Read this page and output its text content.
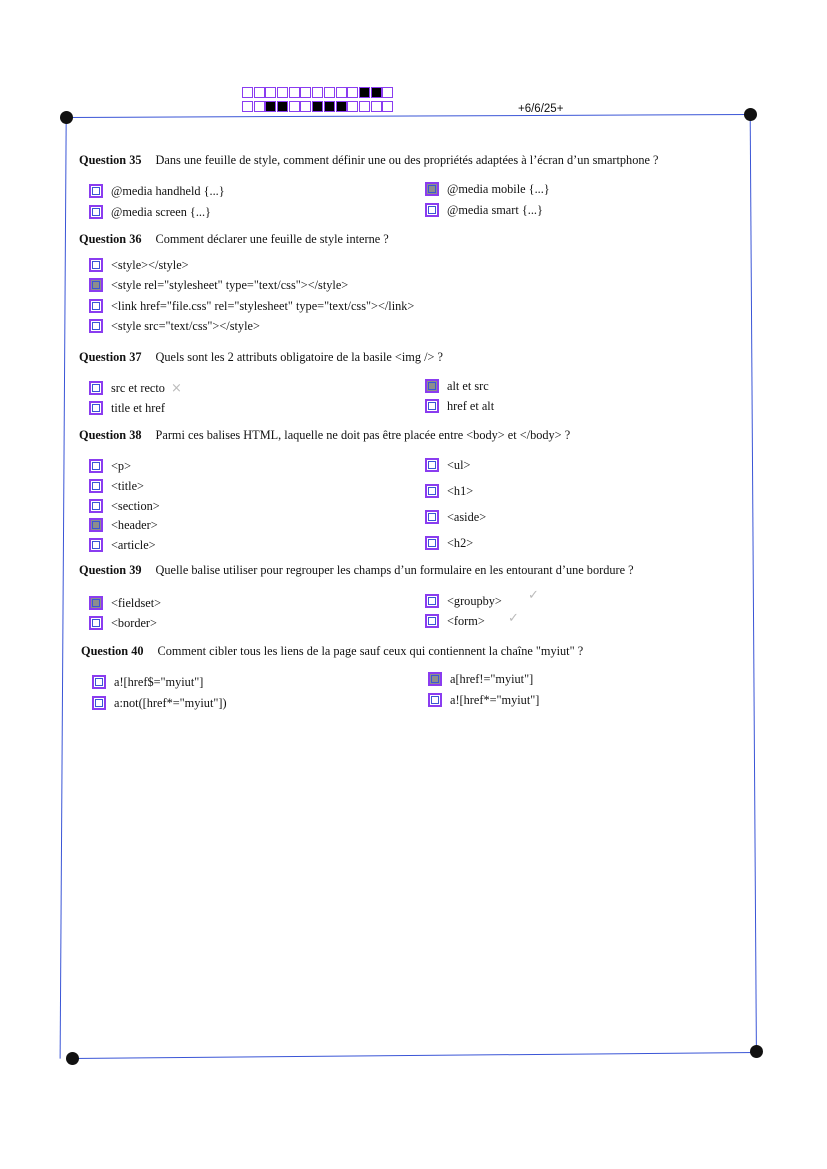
+6/6/25+
Question 35 Dans une feuille de style, comment définir une ou des propriétés adaptées à l’écran d’un smartphone ?
@media handheld {...}	@media mobile {...}
@media screen {...}	@media smart {...}
Question 36 Comment déclarer une feuille de style interne ?
<style></style>
<style rel="stylesheet" type="text/css"></style>
<link href="file.css" rel="stylesheet" type="text/css"></link>
<style src="text/css"></style>
Question 37 Quels sont les 2 attributs obligatoire de la basile <img /> ?
src et recto	alt et src
title et href	href et alt
×
Question 38 Parmi ces balises HTML, laquelle ne doit pas être placée entre <body> et </body> ?
<p>
<title>
<section>
<header>
<article>
<ul>
<h1>
<aside>
<h2>
Question 39 Quelle balise utiliser pour regrouper les champs d’un formulaire en les entourant d’une bordure ?
<fieldset>	<groupby>
<border>	<form>
✓
✓
Question 40 Comment cibler tous les liens de la page sauf ceux qui contiennent la chaîne "myiut" ?
a![href$="myiut"]	a[href!="myiut"]
a:not([href*="myiut"])	a![href*="myiut"]
